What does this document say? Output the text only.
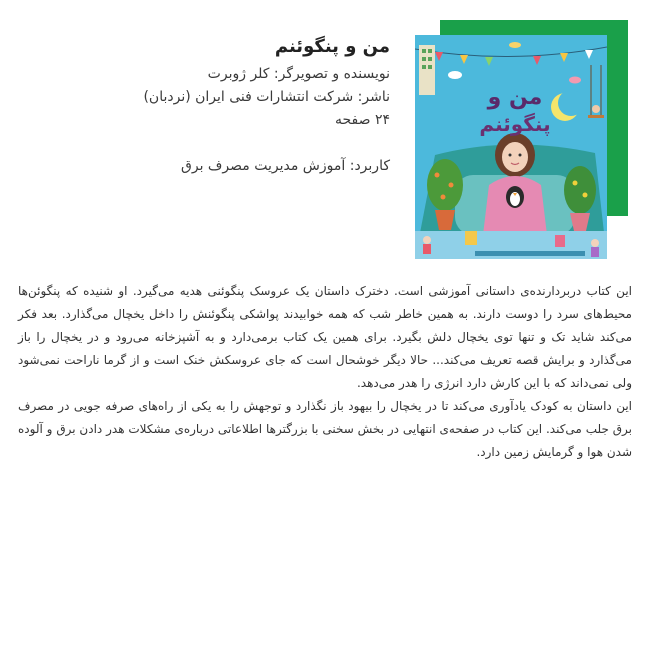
من و
پنگوئنم
من و پنگوئنم
نویسنده و تصویرگر: کلر ژوبرت
ناشر: شرکت انتشارات فنی ایران (نردبان)
۲۴ صفحه
کاربرد: آموزش مدیریت مصرف برق

این کتاب دربردارنده‌ی داستانی آموزشی است. دخترک داستان یک عروسک پنگوئنی هدیه می‌گیرد. او شنیده که پنگوئن‌ها محیط‌های سرد را دوست دارند. به همین خاطر شب که همه خوابیدند پواشکی پنگوئنش را داخل یخچال می‌گذارد. بعد فکر می‌کند شاید تک و تنها توی یخچال دلش بگیرد. برای همین یک کتاب برمی‌دارد و به آشپزخانه می‌رود و در یخچال را باز می‌گذارد و برایش قصه تعریف می‌کند... حالا دیگر خوشحال است که جای عروسکش خنک است و از گرما ناراحت نمی‌شود ولی نمی‌داند که با این کارش دارد انرژی را هدر می‌دهد.

این داستان به کودک یادآوری می‌کند تا در یخچال را بیهود باز نگذارد و توجهش را به یکی از راه‌های صرفه جویی در مصرف برق جلب می‌کند. این کتاب در صفحه‌ی انتهایی در بخش سخنی با بزرگترها اطلاعاتی درباره‌ی مشکلات هدر دادن برق و آلوده شدن هوا و گرمایش زمین دارد.
